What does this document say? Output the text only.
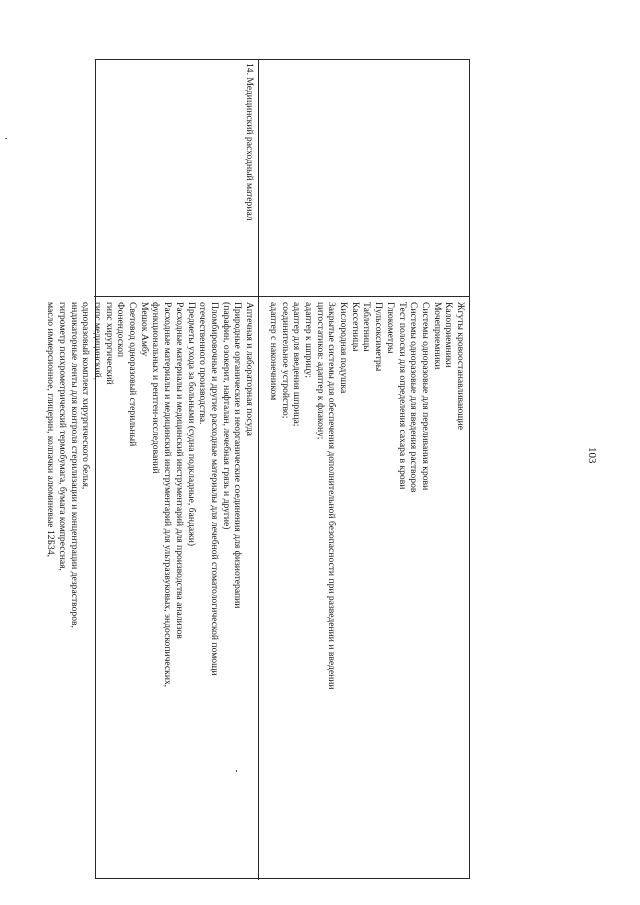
Жгуты кровоостанавливающие
Калоприемники
Мочеприемники
Системы одноразовые для переливания крови
Системы одноразовые для введения растворов
Тест полоски для определения сахара в крови
Глюкометры
Пульсоксиметры
Таблетницы
Кассетницы
Кислородная подушка
Закрытые системы для обеспечения дополнительной безопасности при разведении и введении
цитостатиков: адаптер к флакону;
адаптер к шприцу;
адаптер для введения шприца;
соединительное устройство;
адаптер с наконечником
14. Медицинский расходный материал
Аптечная и лабораторная посуда
Природные органические и неорганические соединения для физиотерапии
(парафин, озокерит, нафталан, лечебная грязь и другие)
Пломбировочные и другие расходные материалы для лечебной стоматологической помощи
отечественного производства.
Предметы ухода за больными (судна подкладные, бандажи)
Расходные материалы и медицинский инструментарий для производства анализов
Расходные материалы и медицинский инструментарий для ультразвуковых, эндоскопических,
функциональных и рентген-исследований
Мешок Амбу
Световод одноразовый стерильный
Фонендоскоп
гипс хирургический
гипс медицинский,
одноразовый комплект хирургического белья,
индикаторные ленты для контроля стерилизации и концентрации дезрастворов,
гигрометр психрометрический термобумага, бумага компрессная,
масло иммерсионное, глицерин, колпачки алюминевые 12Б34,	103
